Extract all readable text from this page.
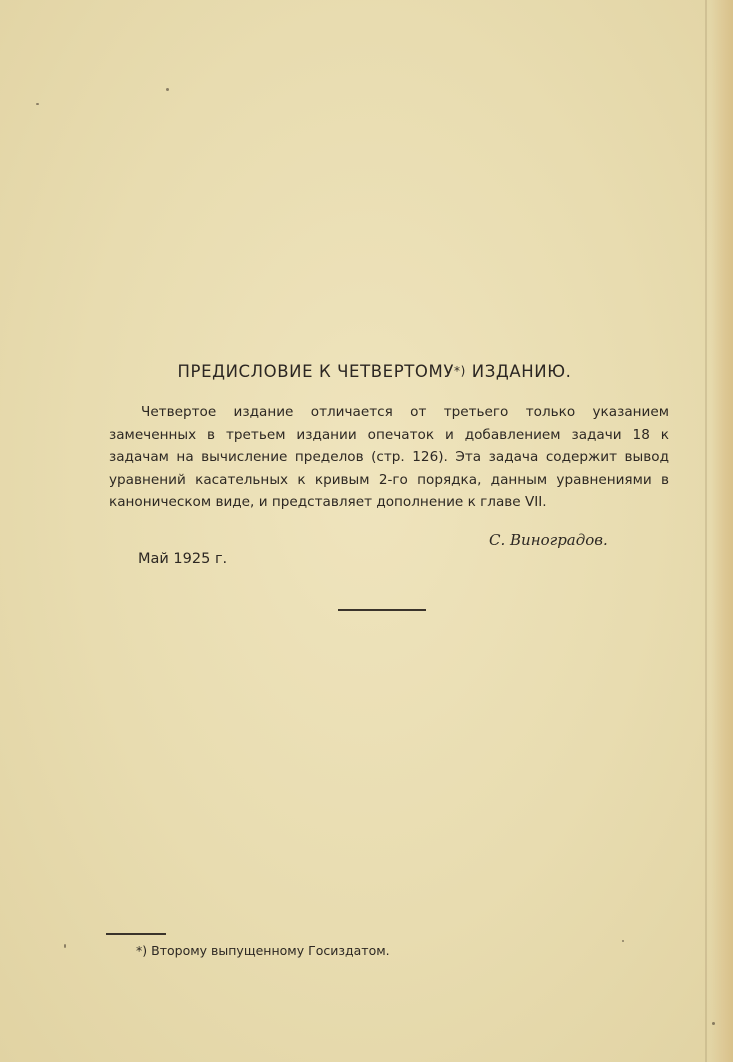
ПРЕДИСЛОВИЕ К ЧЕТВЕРТОМУ*) ИЗДАНИЮ.

Четвертое издание отличается от третьего только указанием замеченных в третьем издании опечаток и добавлением задачи 18 к задачам на вычисление пределов (стр. 126). Эта задача содержит вывод уравнений касательных к кривым 2-го порядка, данным уравнениями в каноническом виде, и представляет дополнение к главе VII.

С. Виноградов.
Май 1925 г.
*) Второму выпущенному Госиздатом.
